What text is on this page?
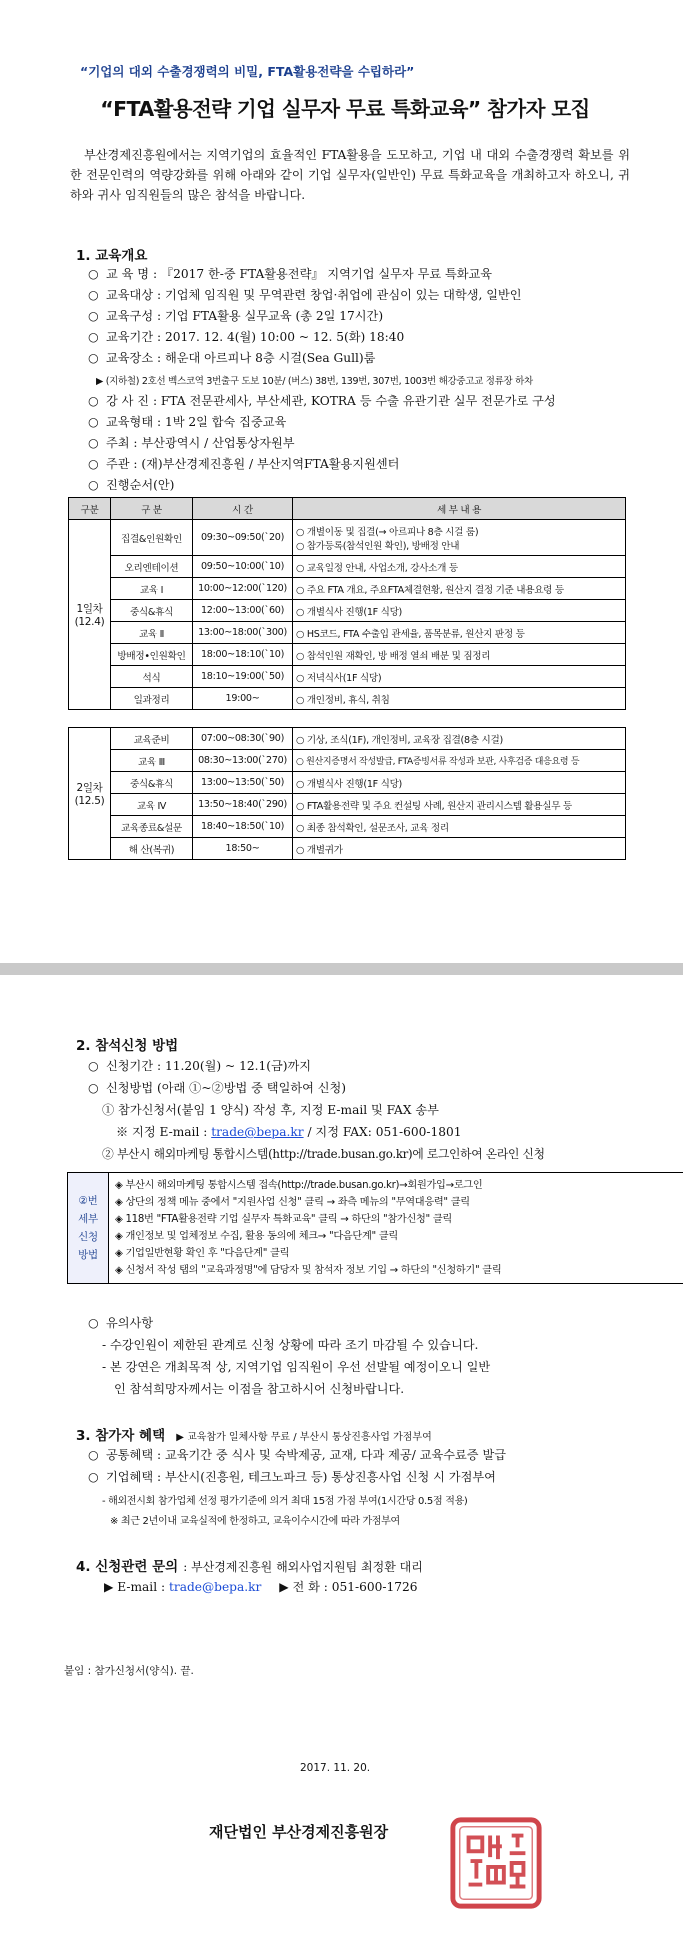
“기업의 대외 수출경쟁력의 비밀, FTA활용전략을 수립하라”
“FTA활용전략 기업 실무자 무료 특화교육” 참가자 모집
부산경제진흥원에서는 지역기업의 효율적인 FTA활용을 도모하고, 기업 내 대외 수출경쟁력 확보를 위한 전문인력의 역량강화를 위해 아래와 같이 기업 실무자(일반인) 무료 특화교육을 개최하고자 하오니, 귀하와 귀사 임직원들의 많은 참석을 바랍니다.
1. 교육개요
○ 교 육 명 : 『2017 한-중 FTA활용전략』 지역기업 실무자 무료 특화교육
○ 교육대상 : 기업체 임직원 및 무역관련 창업·취업에 관심이 있는 대학생, 일반인
○ 교육구성 : 기업 FTA활용 실무교육 (총 2일 17시간)
○ 교육기간 : 2017. 12. 4(월) 10:00 ~ 12. 5(화) 18:40
○ 교육장소 : 해운대 아르피나 8층 시걸(Sea Gull)룸
▶ (지하철) 2호선 벡스코역 3번출구 도보 10분/ (버스) 38번, 139번, 307번, 1003번 해강중고교 정류장 하차
○ 강 사 진 : FTA 전문관세사, 부산세관, KOTRA 등 수출 유관기관 실무 전문가로 구성
○ 교육형태 : 1박 2일 합숙 집중교육
○ 주최 : 부산광역시 / 산업통상자원부
○ 주관 : (재)부산경제진흥원 / 부산지역FTA활용지원센터
○ 진행순서(안)
구분	구 분	시 간	세 부 내 용
1일차
(12.4)	집결&인원확인	09:30~09:50(`20)	○ 개별이동 및 집결(→ 아르피나 8층 시걸 룸)
○ 참가등록(참석인원 확인), 방배정 안내
	오리엔테이션	09:50~10:00(`10)	○ 교육일정 안내, 사업소개, 강사소개 등
	교육 Ⅰ	10:00~12:00(`120)	○ 주요 FTA 개요, 주요FTA체결현황, 원산지 결정 기준 내용요령 등
	중식&휴식	12:00~13:00(`60)	○ 개별식사 진행(1F 식당)
	교육 Ⅱ	13:00~18:00(`300)	○ HS코드, FTA 수출입 관세율, 품목분류, 원산지 판정 등
	방배정•인원확인	18:00~18:10(`10)	○ 참석인원 재확인, 방 배정 열쇠 배분 및 짐정리
	석식	18:10~19:00(`50)	○ 저녁식사(1F 식당)
	일과정리	19:00~	○ 개인정비, 휴식, 취침
2일차
(12.5)	교육준비	07:00~08:30(`90)	○ 기상, 조식(1F), 개인정비, 교육장 집결(8층 시걸)
	교육 Ⅲ	08:30~13:00(`270)	○ 원산지증명서 작성발급, FTA증빙서류 작성과 보관, 사후검증 대응요령 등
	중식&휴식	13:00~13:50(`50)	○ 개별식사 진행(1F 식당)
	교육 Ⅳ	13:50~18:40(`290)	○ FTA활용전략 및 주요 컨설팅 사례, 원산지 관리시스템 활용실무 등
	교육종료&설문	18:40~18:50(`10)	○ 최종 참석확인, 설문조사, 교육 정리
	해 산(복귀)	18:50~	○ 개별귀가
2. 참석신청 방법
○ 신청기간 : 11.20(월) ~ 12.1(금)까지
○ 신청방법 (아래 ①~②방법 중 택일하여 신청)
① 참가신청서(붙임 1 양식) 작성 후, 지정 E-mail 및 FAX 송부
※ 지정 E-mail : trade@bepa.kr / 지정 FAX: 051-600-1801
② 부산시 해외마케팅 통합시스템(http://trade.busan.go.kr)에 로그인하여 온라인 신청
②번
세부
신청
방법	
◈ 부산시 해외마케팅 통합시스템 접속(http://trade.busan.go.kr)→회원가입→로그인
◈ 상단의 정책 메뉴 중에서 "지원사업 신청" 클릭 → 좌측 메뉴의 "무역대응력" 클릭
◈ 118번 "FTA활용전략 기업 실무자 특화교육" 클릭 → 하단의 "참가신청" 클릭
◈ 개인정보 및 업체정보 수집, 활용 동의에 체크→ "다음단계" 클릭
◈ 기업일반현황 확인 후 "다음단계" 클릭
◈ 신청서 작성 탭의 "교육과정명"에 담당자 및 참석자 정보 기입 → 하단의 "신청하기" 클릭
○ 유의사항
- 수강인원이 제한된 관계로 신청 상황에 따라 조기 마감될 수 있습니다.
- 본 강연은 개최목적 상, 지역기업 임직원이 우선 선발될 예정이오니 일반
인 참석희망자께서는 이점을 참고하시어 신청바랍니다.
3. 참가자 혜택 ▶ 교육참가 일체사항 무료 / 부산시 통상진흥사업 가점부여
○ 공통혜택 : 교육기간 중 식사 및 숙박제공, 교재, 다과 제공/ 교육수료증 발급
○ 기업혜택 : 부산시(진흥원, 테크노파크 등) 통상진흥사업 신청 시 가점부여
- 해외전시회 참가업체 선정 평가기준에 의거 최대 15점 가점 부여(1시간당 0.5점 적용)
※ 최근 2년이내 교육실적에 한정하고, 교육이수시간에 따라 가점부여
4. 신청관련 문의 : 부산경제진흥원 해외사업지원팀 최정환 대리
▶ E-mail : trade@bepa.kr ▶ 전 화 : 051-600-1726
붙임 : 참가신청서(양식). 끝.
2017. 11. 20.
재단법인 부산경제진흥원장
